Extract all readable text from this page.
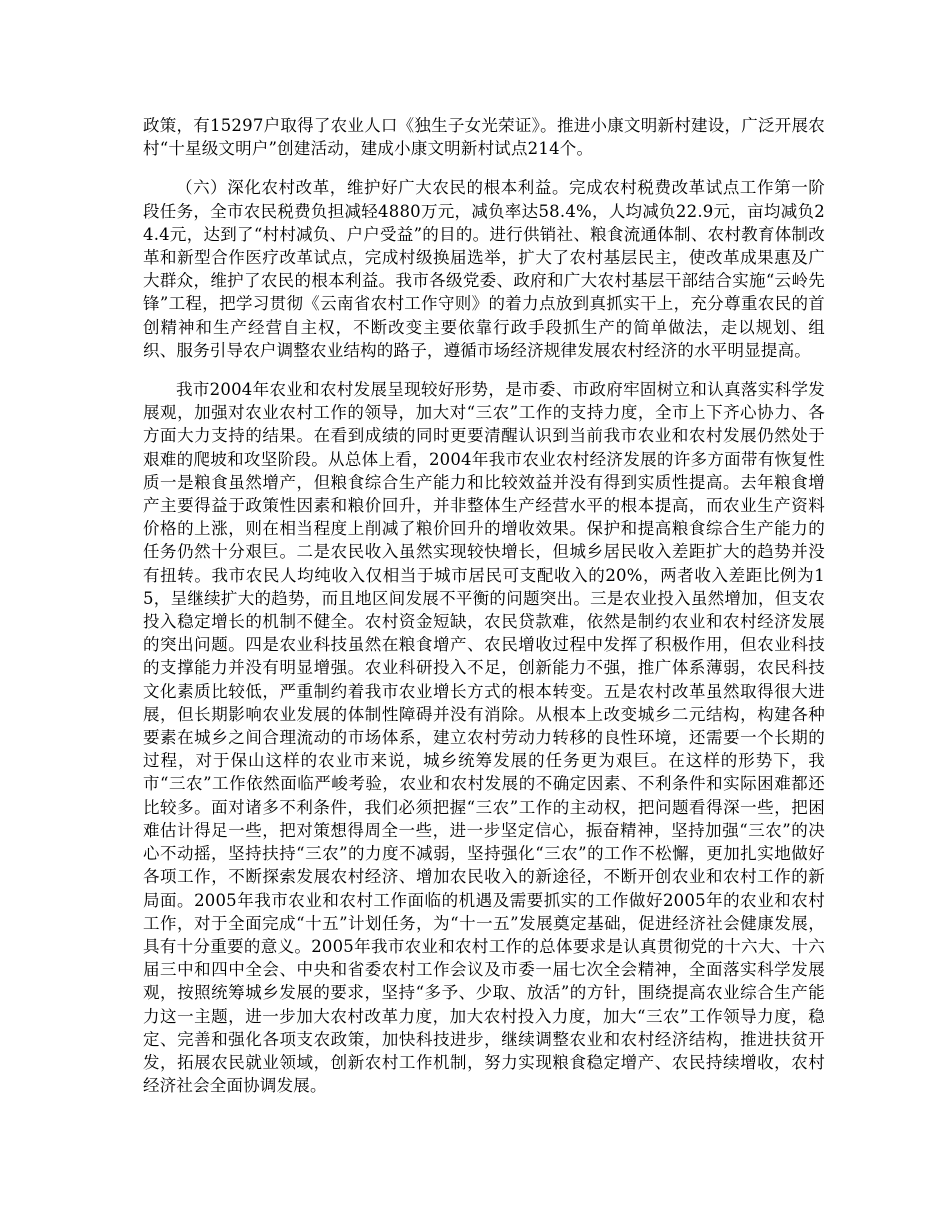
政策，有15297户取得了农业人口《独生子女光荣证》。推进小康文明新村建设，广泛开展农村“十星级文明户”创建活动，建成小康文明新村试点214个。

（六）深化农村改革，维护好广大农民的根本利益。完成农村税费改革试点工作第一阶段任务，全市农民税费负担减轻4880万元，减负率达58.4%，人均减负22.9元，亩均减负24.4元，达到了“村村减负、户户受益”的目的。进行供销社、粮食流通体制、农村教育体制改革和新型合作医疗改革试点，完成村级换届选举，扩大了农村基层民主，使改革成果惠及广大群众，维护了农民的根本利益。我市各级党委、政府和广大农村基层干部结合实施“云岭先锋”工程，把学习贯彻《云南省农村工作守则》的着力点放到真抓实干上，充分尊重农民的首创精神和生产经营自主权，不断改变主要依靠行政手段抓生产的简单做法，走以规划、组织、服务引导农户调整农业结构的路子，遵循市场经济规律发展农村经济的水平明显提高。

我市2004年农业和农村发展呈现较好形势，是市委、市政府牢固树立和认真落实科学发展观，加强对农业农村工作的领导，加大对“三农”工作的支持力度，全市上下齐心协力、各方面大力支持的结果。在看到成绩的同时更要清醒认识到当前我市农业和农村发展仍然处于艰难的爬坡和攻坚阶段。从总体上看，2004年我市农业农村经济发展的许多方面带有恢复性质一是粮食虽然增产，但粮食综合生产能力和比较效益并没有得到实质性提高。去年粮食增产主要得益于政策性因素和粮价回升，并非整体生产经营水平的根本提高，而农业生产资料价格的上涨，则在相当程度上削减了粮价回升的增收效果。保护和提高粮食综合生产能力的任务仍然十分艰巨。二是农民收入虽然实现较快增长，但城乡居民收入差距扩大的趋势并没有扭转。我市农民人均纯收入仅相当于城市居民可支配收入的20%，两者收入差距比例为15，呈继续扩大的趋势，而且地区间发展不平衡的问题突出。三是农业投入虽然增加，但支农投入稳定增长的机制不健全。农村资金短缺，农民贷款难，依然是制约农业和农村经济发展的突出问题。四是农业科技虽然在粮食增产、农民增收过程中发挥了积极作用，但农业科技的支撑能力并没有明显增强。农业科研投入不足，创新能力不强，推广体系薄弱，农民科技文化素质比较低，严重制约着我市农业增长方式的根本转变。五是农村改革虽然取得很大进展，但长期影响农业发展的体制性障碍并没有消除。从根本上改变城乡二元结构，构建各种要素在城乡之间合理流动的市场体系，建立农村劳动力转移的良性环境，还需要一个长期的过程，对于保山这样的农业市来说，城乡统筹发展的任务更为艰巨。在这样的形势下，我市“三农”工作依然面临严峻考验，农业和农村发展的不确定因素、不利条件和实际困难都还比较多。面对诸多不利条件，我们必须把握“三农”工作的主动权，把问题看得深一些，把困难估计得足一些，把对策想得周全一些，进一步坚定信心，振奋精神，坚持加强“三农”的决心不动摇，坚持扶持“三农”的力度不减弱，坚持强化“三农”的工作不松懈，更加扎实地做好各项工作，不断探索发展农村经济、增加农民收入的新途径，不断开创农业和农村工作的新局面。2005年我市农业和农村工作面临的机遇及需要抓实的工作做好2005年的农业和农村工作，对于全面完成“十五”计划任务，为“十一五”发展奠定基础，促进经济社会健康发展，具有十分重要的意义。2005年我市农业和农村工作的总体要求是认真贯彻党的十六大、十六届三中和四中全会、中央和省委农村工作会议及市委一届七次全会精神，全面落实科学发展观，按照统筹城乡发展的要求，坚持“多予、少取、放活”的方针，围绕提高农业综合生产能力这一主题，进一步加大农村改革力度，加大农村投入力度，加大“三农”工作领导力度，稳定、完善和强化各项支农政策，加快科技进步，继续调整农业和农村经济结构，推进扶贫开发，拓展农民就业领域，创新农村工作机制，努力实现粮食稳定增产、农民持续增收，农村经济社会全面协调发展。
